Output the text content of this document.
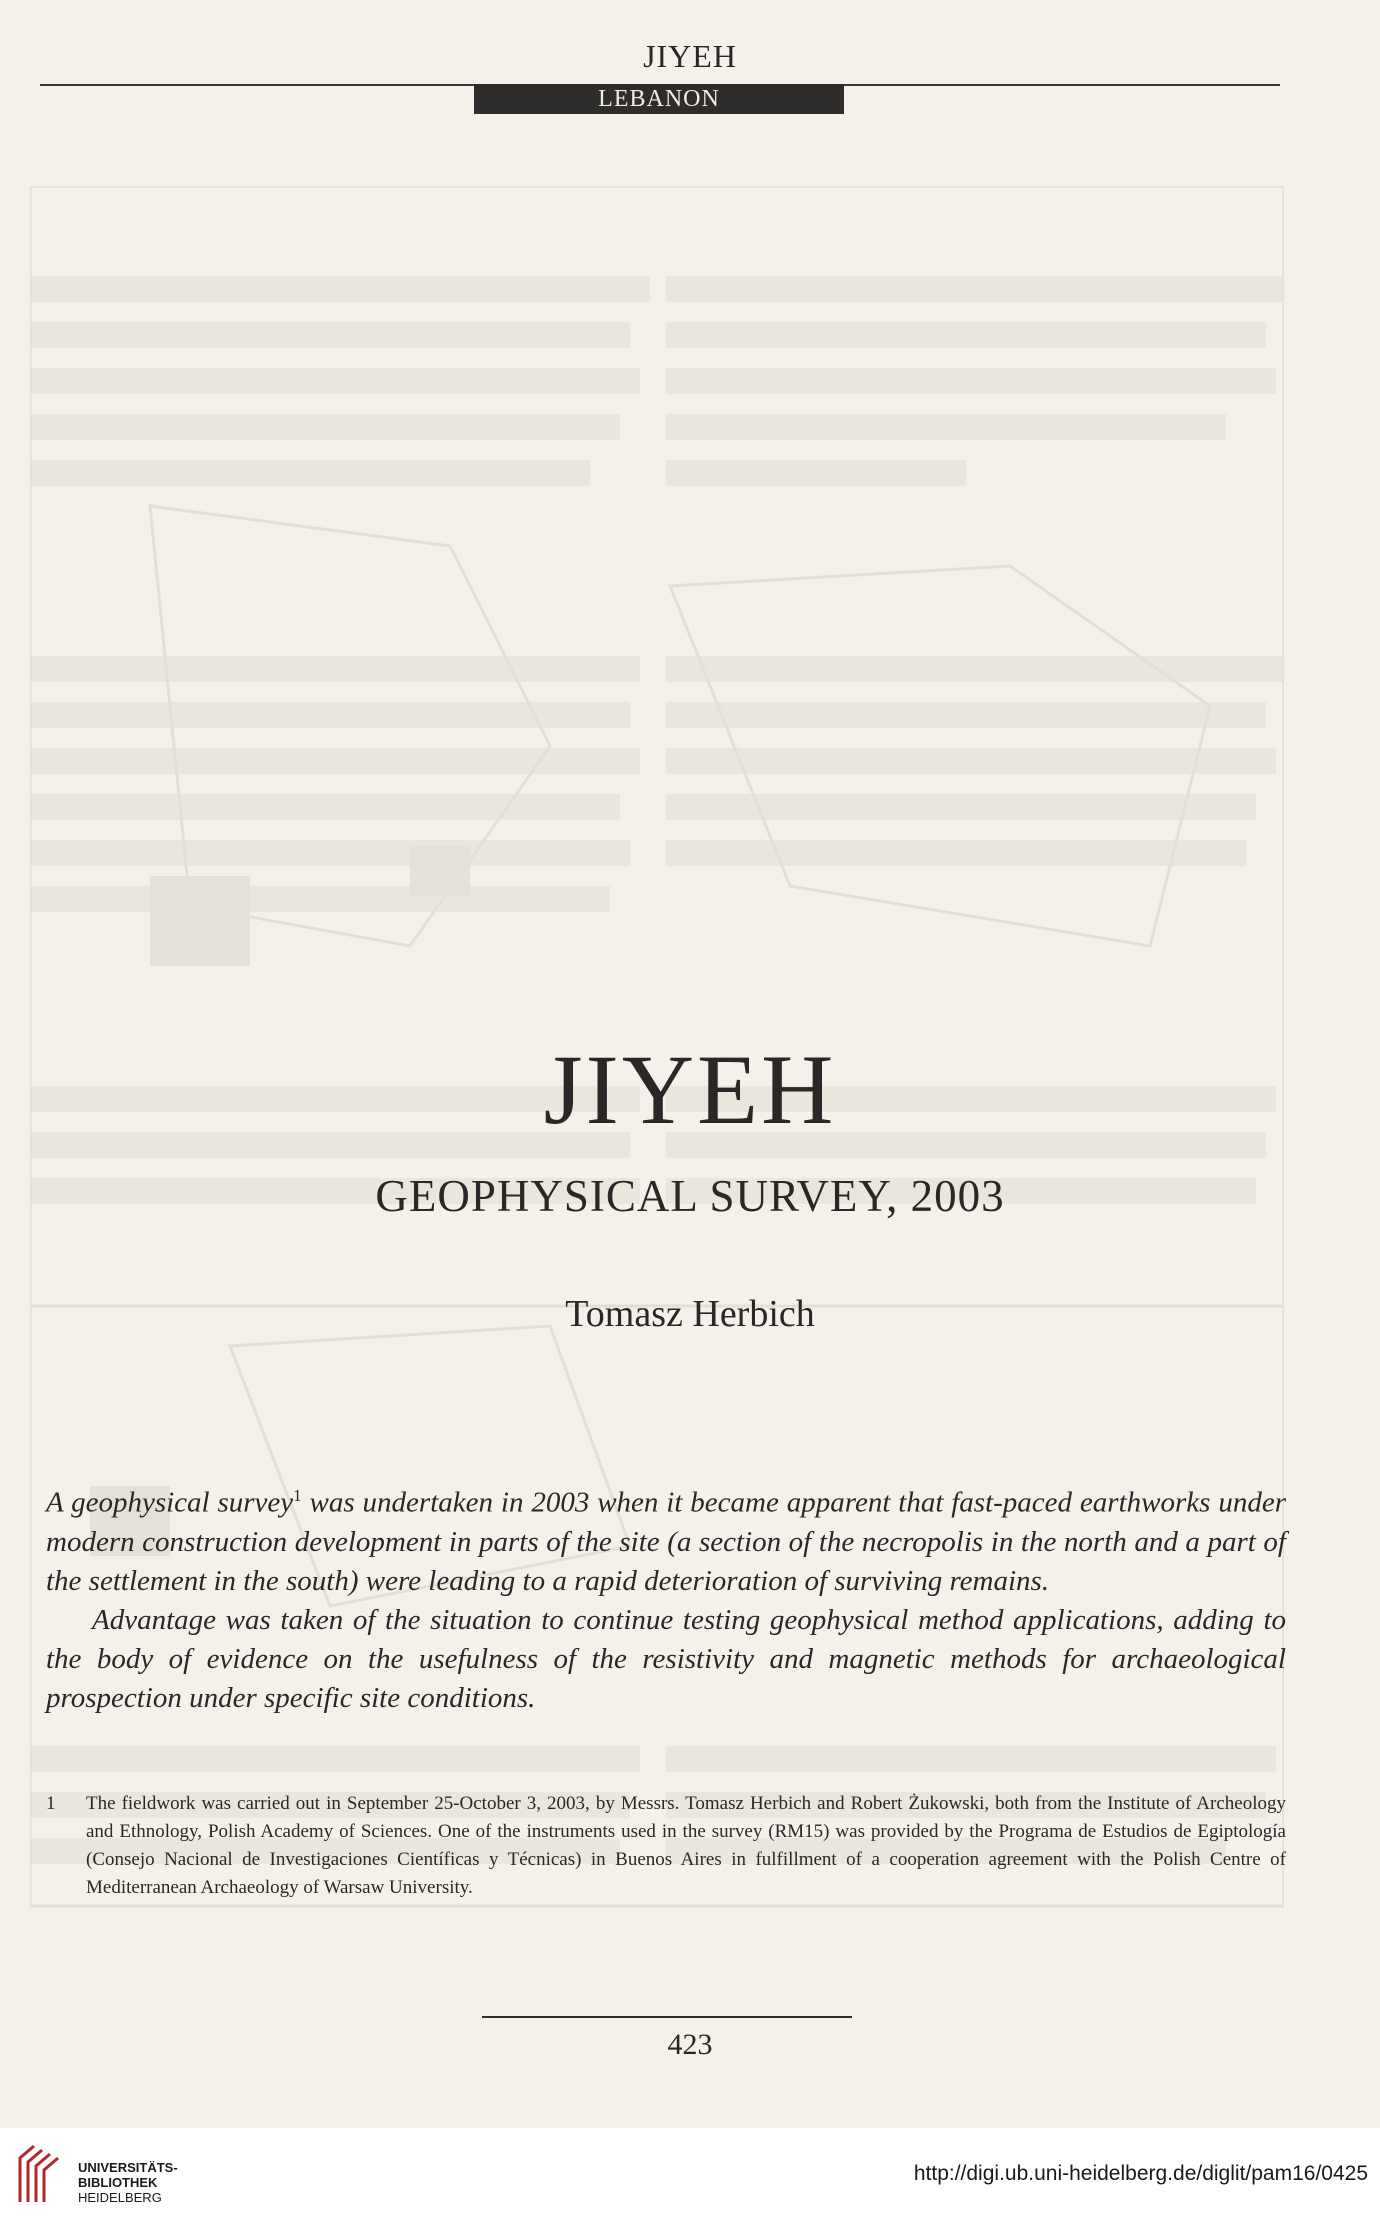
JIYEH
LEBANON
JIYEH
GEOPHYSICAL SURVEY, 2003
Tomasz Herbich

A geophysical survey$^1$ was undertaken in 2003 when it became apparent that fast-paced earthworks under modern construction development in parts of the site (a section of the necropolis in the north and a part of the settlement in the south) were leading to a rapid deterioration of surviving remains.

Advantage was taken of the situation to continue testing geophysical method applications, adding to the body of evidence on the usefulness of the resistivity and magnetic methods for archaeological prospection under specific site conditions.

1 The fieldwork was carried out in September 25-October 3, 2003, by Messrs. Tomasz Herbich and Robert Żukowski, both from the Institute of Archeology and Ethnology, Polish Academy of Sciences. One of the instruments used in the survey (RM15) was provided by the Programa de Estudios de Egiptología (Consejo Nacional de Investigaciones Científicas y Técnicas) in Buenos Aires in fulfillment of a cooperation agreement with the Polish Centre of Mediterranean Archaeology of Warsaw University.
423
UNIVERSITÄTS-
BIBLIOTHEK
HEIDELBERG
http://digi.ub.uni-heidelberg.de/diglit/pam16/0425
